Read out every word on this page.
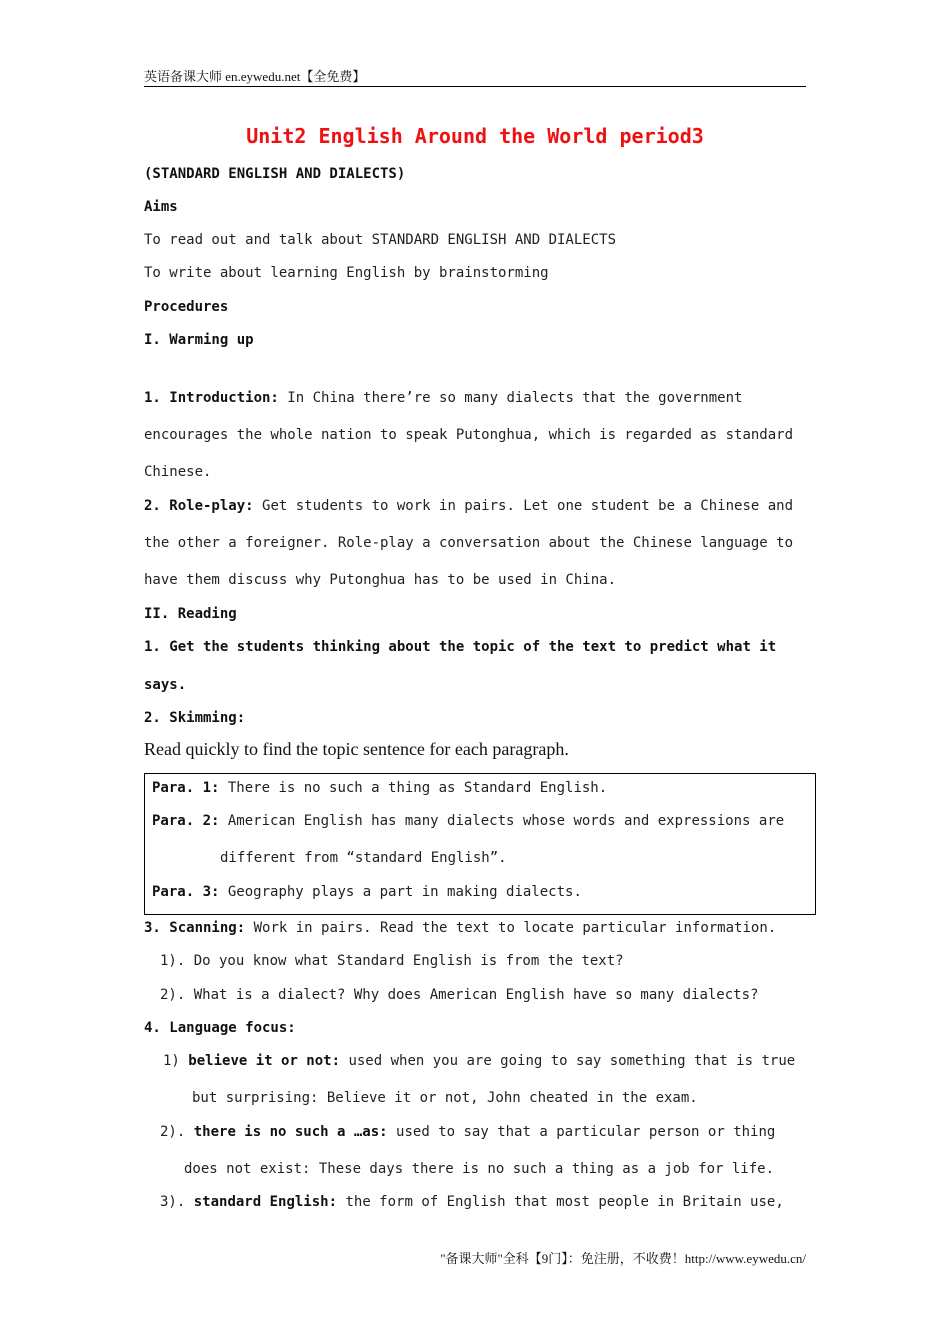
英语备课大师 en.eywedu.net【全免费】
Unit2 English Around the World period3
(STANDARD ENGLISH AND DIALECTS)
Aims
To read out and talk about STANDARD ENGLISH AND DIALECTS
To write about learning English by brainstorming
Procedures
I. Warming up
1. Introduction: In China there’re so many dialects that the government
encourages the whole nation to speak Putonghua, which is regarded as standard
Chinese.
2. Role-play: Get students to work in pairs. Let one student be a Chinese and
the other a foreigner. Role-play a conversation about the Chinese language to
have them discuss why Putonghua has to be used in China.
II. Reading
1. Get the students thinking about the topic of the text to predict what it
says.
2. Skimming:
Read quickly to find the topic sentence for each paragraph.
Para. 1: There is no such a thing as Standard English.
Para. 2: American English has many dialects whose words and expressions are
different from “standard English”.
Para. 3: Geography plays a part in making dialects.
3. Scanning: Work in pairs. Read the text to locate particular information.
1). Do you know what Standard English is from the text?
2). What is a dialect? Why does American English have so many dialects?
4. Language focus:
1) believe it or not: used when you are going to say something that is true
but surprising: Believe it or not, John cheated in the exam.
2). there is no such a …as: used to say that a particular person or thing
does not exist: These days there is no such a thing as a job for life.
3). standard English: the form of English that most people in Britain use,
"备课大师"全科【9门】：免注册，不收费！http://www.eywedu.cn/
